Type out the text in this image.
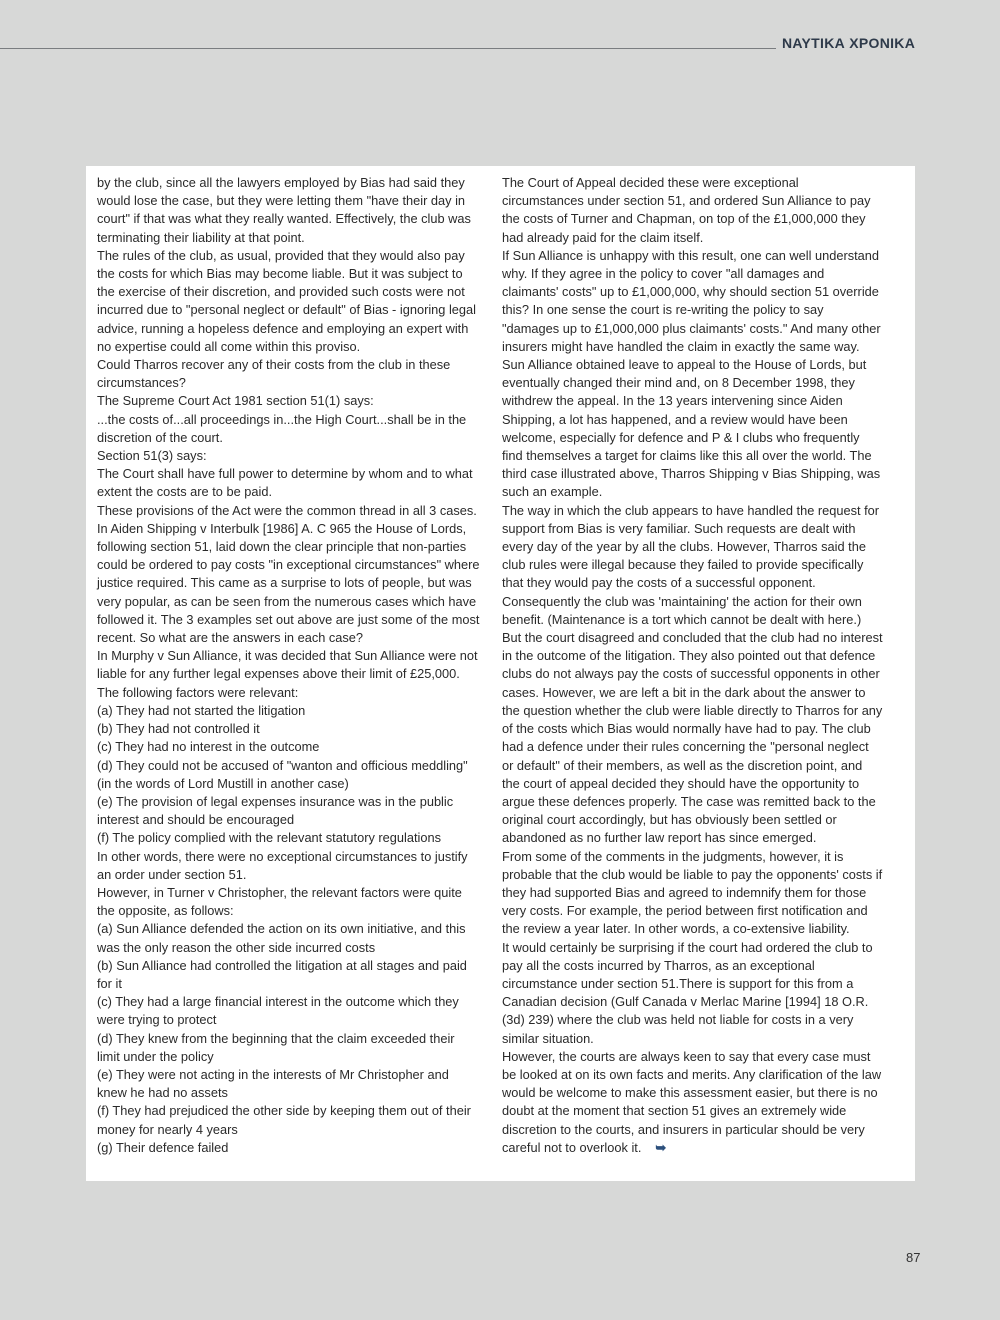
ΝΑΥΤΙΚΑ ΧΡΟΝΙΚΑ

by the club, since all the lawyers employed by Bias had said they would lose the case, but they were letting them "have their day in court" if that was what they really wanted. Effectively, the club was terminating their liability at that point.

The rules of the club, as usual, provided that they would also pay the costs for which Bias may become liable. But it was subject to the exercise of their discretion, and provided such costs were not incurred due to "personal neglect or default" of Bias - ignoring legal advice, running a hopeless defence and employing an expert with no expertise could all come within this proviso.

Could Tharros recover any of their costs from the club in these circumstances?

The Supreme Court Act 1981 section 51(1) says:

...the costs of...all proceedings in...the High Court...shall be in the discretion of the court.

Section 51(3) says:

The Court shall have full power to determine by whom and to what extent the costs are to be paid.

These provisions of the Act were the common thread in all 3 cases.

In Aiden Shipping v Interbulk [1986] A. C 965 the House of Lords, following section 51, laid down the clear principle that non-parties could be ordered to pay costs "in exceptional circumstances" where justice required. This came as a surprise to lots of people, but was very popular, as can be seen from the numerous cases which have followed it. The 3 examples set out above are just some of the most recent. So what are the answers in each case?

In Murphy v Sun Alliance, it was decided that Sun Alliance were not liable for any further legal expenses above their limit of £25,000.

The following factors were relevant:

(a) They had not started the litigation

(b) They had not controlled it

(c) They had no interest in the outcome

(d) They could not be accused of "wanton and officious meddling" (in the words of Lord Mustill in another case)

(e) The provision of legal expenses insurance was in the public interest and should be encouraged

(f) The policy complied with the relevant statutory regulations

In other words, there were no exceptional circumstances to justify an order under section 51.

However, in Turner v Christopher, the relevant factors were quite the opposite, as follows:

(a) Sun Alliance defended the action on its own initiative, and this was the only reason the other side incurred costs

(b) Sun Alliance had controlled the litigation at all stages and paid for it

(c) They had a large financial interest in the outcome which they were trying to protect

(d) They knew from the beginning that the claim exceeded their limit under the policy

(e) They were not acting in the interests of Mr Christopher and knew he had no assets

(f) They had prejudiced the other side by keeping them out of their money for nearly 4 years

(g) Their defence failed

The Court of Appeal decided these were exceptional circumstances under section 51, and ordered Sun Alliance to pay the costs of Turner and Chapman, on top of the £1,000,000 they had already paid for the claim itself.

If Sun Alliance is unhappy with this result, one can well understand why. If they agree in the policy to cover "all damages and claimants' costs" up to £1,000,000, why should section 51 override this? In one sense the court is re-writing the policy to say "damages up to £1,000,000 plus claimants' costs." And many other insurers might have handled the claim in exactly the same way.

Sun Alliance obtained leave to appeal to the House of Lords, but eventually changed their mind and, on 8 December 1998, they withdrew the appeal. In the 13 years intervening since Aiden Shipping, a lot has happened, and a review would have been welcome, especially for defence and P & I clubs who frequently find themselves a target for claims like this all over the world. The third case illustrated above, Tharros Shipping v Bias Shipping, was such an example.

The way in which the club appears to have handled the request for support from Bias is very familiar. Such requests are dealt with every day of the year by all the clubs. However, Tharros said the club rules were illegal because they failed to provide specifically that they would pay the costs of a successful opponent. Consequently the club was 'maintaining' the action for their own benefit. (Maintenance is a tort which cannot be dealt with here.) But the court disagreed and concluded that the club had no interest in the outcome of the litigation. They also pointed out that defence clubs do not always pay the costs of successful opponents in other cases. However, we are left a bit in the dark about the answer to the question whether the club were liable directly to Tharros for any of the costs which Bias would normally have had to pay. The club had a defence under their rules concerning the "personal neglect or default" of their members, as well as the discretion point, and the court of appeal decided they should have the opportunity to argue these defences properly. The case was remitted back to the original court accordingly, but has obviously been settled or abandoned as no further law report has since emerged.

From some of the comments in the judgments, however, it is probable that the club would be liable to pay the opponents' costs if they had supported Bias and agreed to indemnify them for those very costs. For example, the period between first notification and the review a year later. In other words, a co-extensive liability.

It would certainly be surprising if the court had ordered the club to pay all the costs incurred by Tharros, as an exceptional circumstance under section 51.There is support for this from a Canadian decision (Gulf Canada v Merlac Marine [1994] 18 O.R. (3d) 239) where the club was held not liable for costs in a very similar situation.

However, the courts are always keen to say that every case must be looked at on its own facts and merits. Any clarification of the law would be welcome to make this assessment easier, but there is no doubt at the moment that section 51 gives an extremely wide discretion to the courts, and insurers in particular should be very careful not to overlook it. ➥

87
